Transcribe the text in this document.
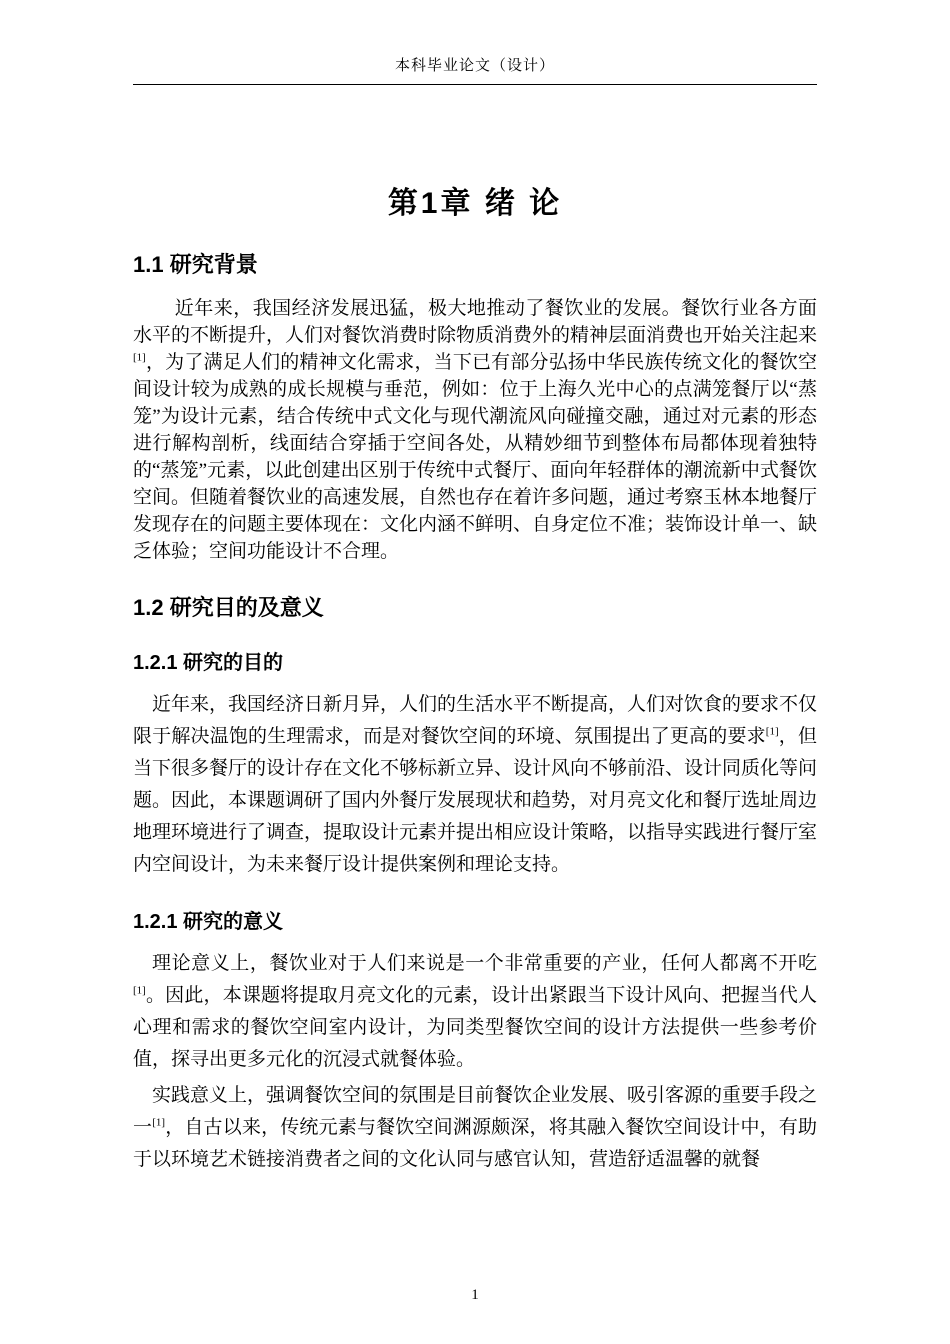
本科毕业论文（设计）
第1章 绪 论
1.1 研究背景

近年来，我国经济发展迅猛，极大地推动了餐饮业的发展。餐饮行业各方面水平的不断提升，人们对餐饮消费时除物质消费外的精神层面消费也开始关注起来[1]，为了满足人们的精神文化需求，当下已有部分弘扬中华民族传统文化的餐饮空间设计较为成熟的成长规模与垂范，例如：位于上海久光中心的点满笼餐厅以“蒸笼”为设计元素，结合传统中式文化与现代潮流风向碰撞交融，通过对元素的形态进行解构剖析，线面结合穿插于空间各处，从精妙细节到整体布局都体现着独特的“蒸笼”元素，以此创建出区别于传统中式餐厅、面向年轻群体的潮流新中式餐饮空间。但随着餐饮业的高速发展，自然也存在着许多问题，通过考察玉林本地餐厅发现存在的问题主要体现在：文化内涵不鲜明、自身定位不准；装饰设计单一、缺乏体验；空间功能设计不合理。

1.2 研究目的及意义
1.2.1 研究的目的

近年来，我国经济日新月异，人们的生活水平不断提高，人们对饮食的要求不仅限于解决温饱的生理需求，而是对餐饮空间的环境、氛围提出了更高的要求[1]，但当下很多餐厅的设计存在文化不够标新立异、设计风向不够前沿、设计同质化等问题。因此，本课题调研了国内外餐厅发展现状和趋势，对月亮文化和餐厅选址周边地理环境进行了调查，提取设计元素并提出相应设计策略，以指导实践进行餐厅室内空间设计，为未来餐厅设计提供案例和理论支持。

1.2.1 研究的意义

理论意义上，餐饮业对于人们来说是一个非常重要的产业，任何人都离不开吃[1]。因此，本课题将提取月亮文化的元素，设计出紧跟当下设计风向、把握当代人心理和需求的餐饮空间室内设计，为同类型餐饮空间的设计方法提供一些参考价值，探寻出更多元化的沉浸式就餐体验。

实践意义上，强调餐饮空间的氛围是目前餐饮企业发展、吸引客源的重要手段之一[1]，自古以来，传统元素与餐饮空间渊源颇深，将其融入餐饮空间设计中，有助于以环境艺术链接消费者之间的文化认同与感官认知，营造舒适温馨的就餐

1
